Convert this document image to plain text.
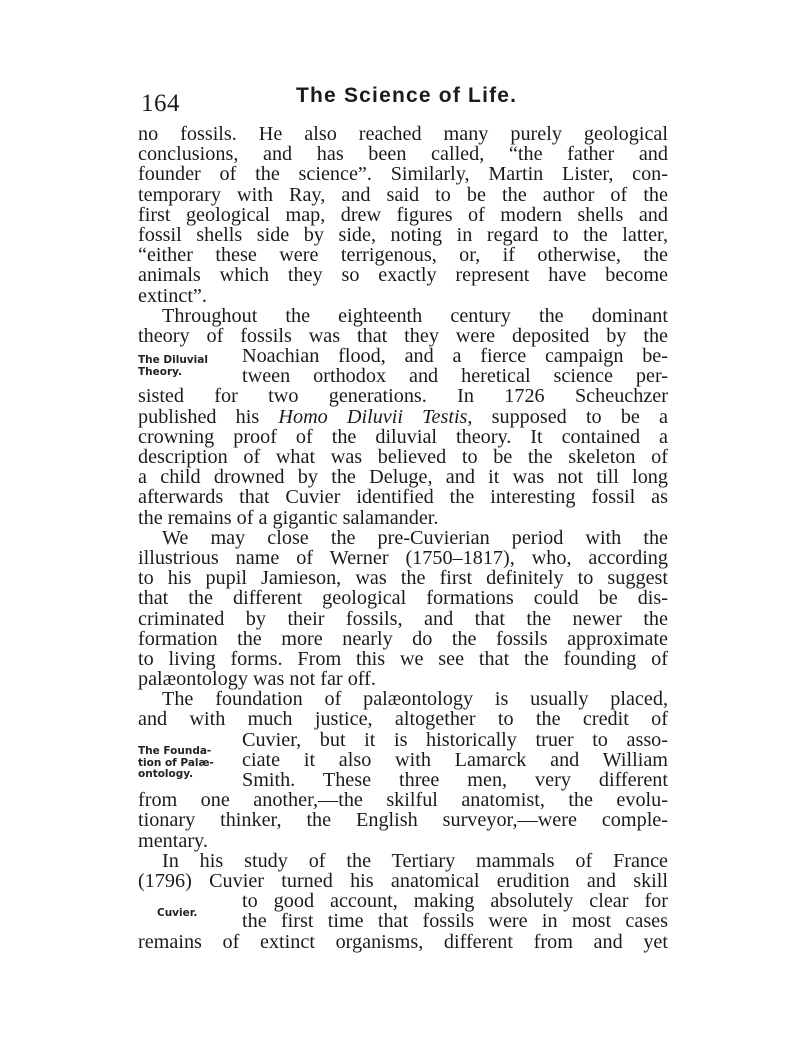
164	The Science of Life.
The Diluvial
Theory.
The Founda-
tion of Palæ-
ontology.
Cuvier.
no fossils. He also reached many purely geological
conclusions, and has been called, “the father and
founder of the science”. Similarly, Martin Lister, con-
temporary with Ray, and said to be the author of the
first geological map, drew figures of modern shells and
fossil shells side by side, noting in regard to the latter,
“either these were terrigenous, or, if otherwise, the
animals which they so exactly represent have become
extinct”.
Throughout the eighteenth century the dominant
theory of fossils was that they were deposited by the
Noachian flood, and a fierce campaign be-
tween orthodox and heretical science per-
sisted for two generations. In 1726 Scheuchzer
published his Homo Diluvii Testis, supposed to be a
crowning proof of the diluvial theory. It contained a
description of what was believed to be the skeleton of
a child drowned by the Deluge, and it was not till long
afterwards that Cuvier identified the interesting fossil as
the remains of a gigantic salamander.
We may close the pre-Cuvierian period with the
illustrious name of Werner (1750–1817), who, according
to his pupil Jamieson, was the first definitely to suggest
that the different geological formations could be dis-
criminated by their fossils, and that the newer the
formation the more nearly do the fossils approximate
to living forms. From this we see that the founding of
palæontology was not far off.
The foundation of palæontology is usually placed,
and with much justice, altogether to the credit of
Cuvier, but it is historically truer to asso-
ciate it also with Lamarck and William
Smith. These three men, very different
from one another,—the skilful anatomist, the evolu-
tionary thinker, the English surveyor,—were comple-
mentary.
In his study of the Tertiary mammals of France
(1796) Cuvier turned his anatomical erudition and skill
to good account, making absolutely clear for
the first time that fossils were in most cases
remains of extinct organisms, different from and yet
